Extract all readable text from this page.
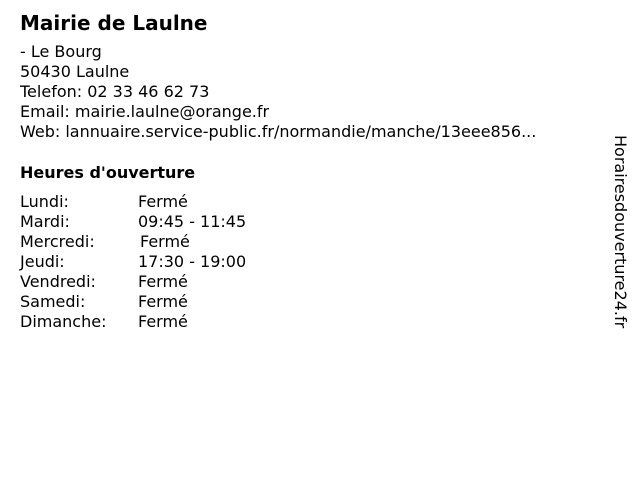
Mairie de Laulne
- Le Bourg
50430 Laulne
Telefon: 02 33 46 62 73
Email: mairie.laulne@orange.fr
Web: lannuaire.service-public.fr/normandie/manche/13eee856...
Heures d'ouverture
Lundi:	Fermé
Mardi:	09:45 - 11:45
Mercredi:	Fermé
Jeudi:	17:30 - 19:00
Vendredi:	Fermé
Samedi:	Fermé
Dimanche:	Fermé	Horairesdouverture24.fr
